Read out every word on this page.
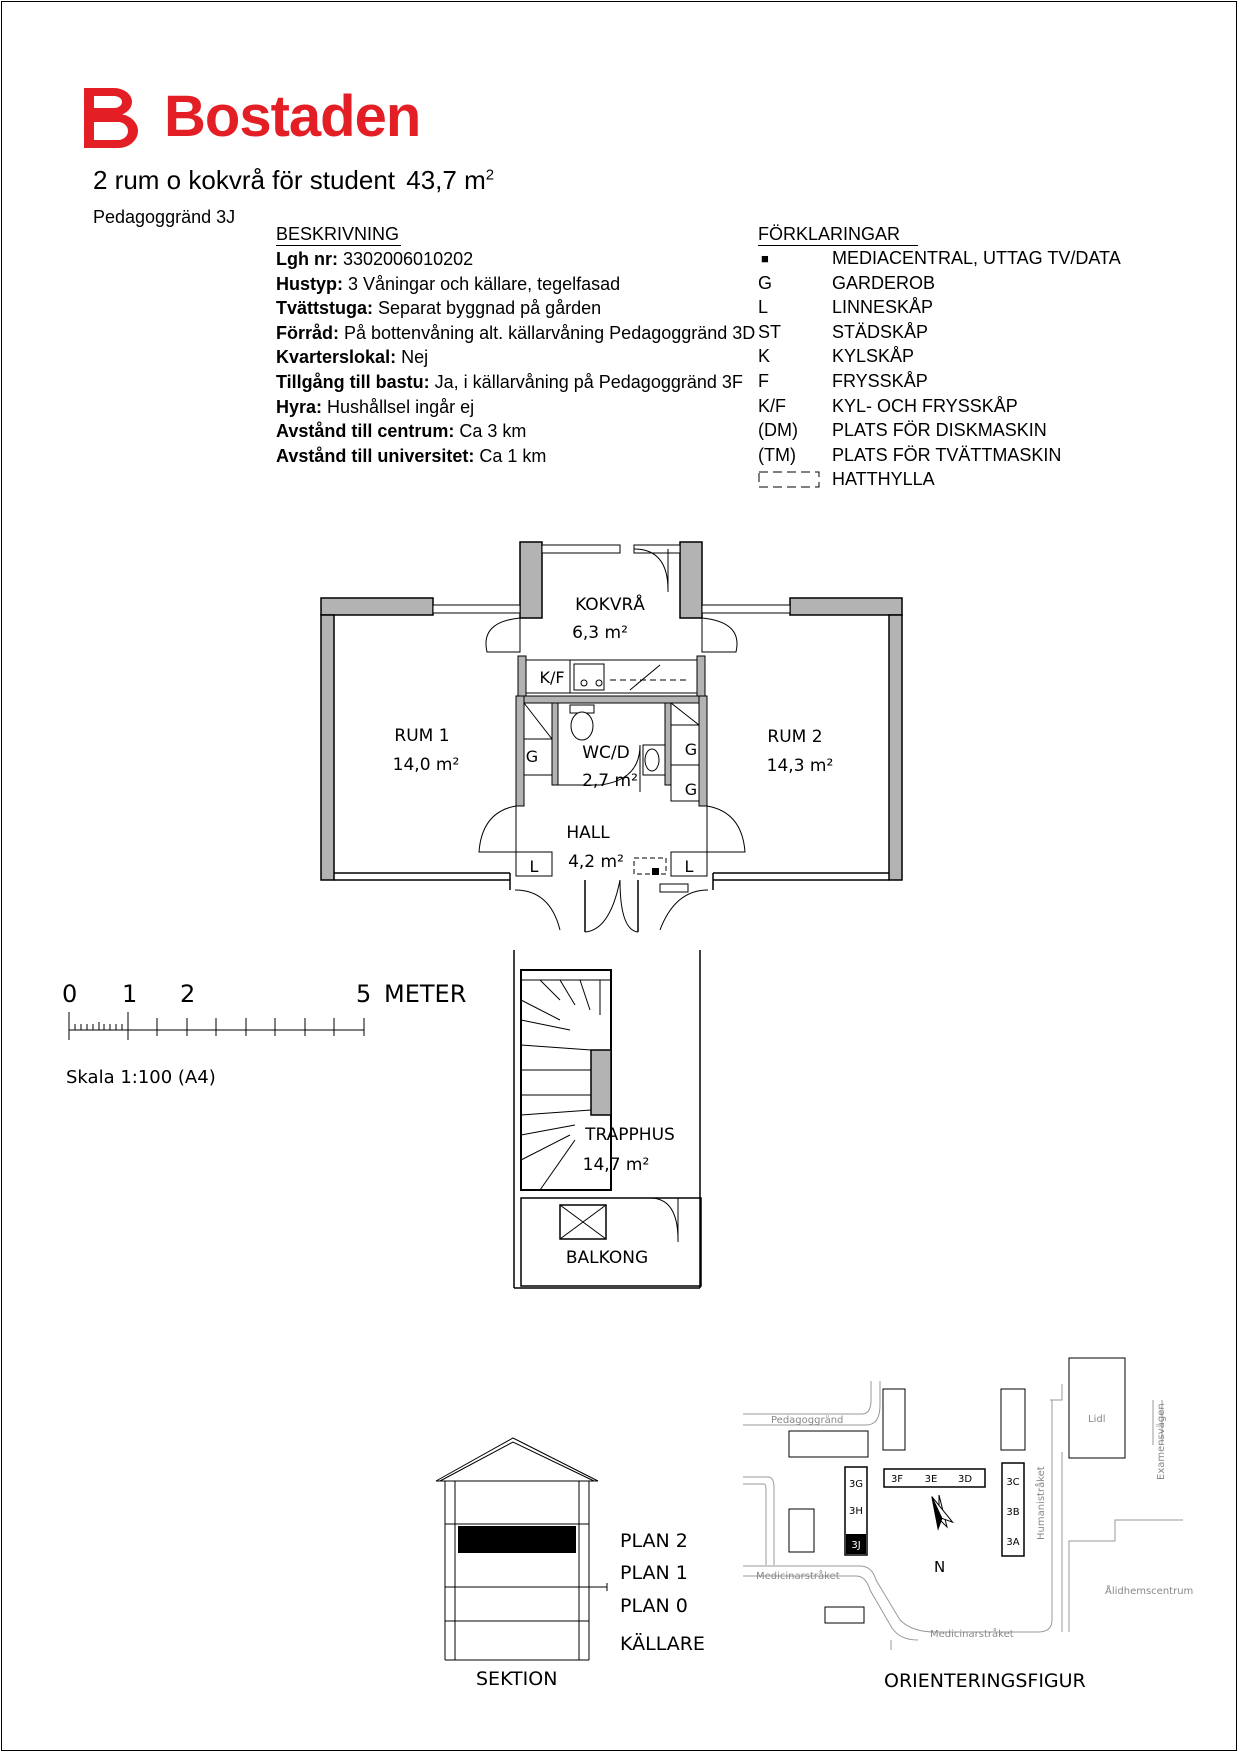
Bostaden
2 rum o kokvrå för student 43,7 $m^2$
Pedagoggränd 3J
BESKRIVNING
Lgh nr: 3302006010202
Hustyp: 3 Våningar och källare, tegelfasad
Tvättstuga: Separat byggnad på gården
Förråd: På bottenvåning alt. källarvåning Pedagoggränd 3D
Kvarterslokal: Nej
Tillgång till bastu: Ja, i källarvåning på Pedagoggränd 3F
Hyra: Hushållsel ingår ej
Avstånd till centrum: Ca 3 km
Avstånd till universitet: Ca 1 km
FÖRKLARINGAR
■	MEDIACENTRAL, UTTAG TV/DATA
G	GARDEROB
L	LINNESKÅP
ST	STÄDSKÅP
K	KYLSKÅP
F	FRYSSKÅP
K/F	KYL- OCH FRYSSKÅP
(DM) PLATS FÖR DISKMASKIN
(TM) PLATS FÖR TVÄTTMASKIN
HATTHYLLA
KOKVRÅ
6,3 m²
RUM 1
14,0 m²
RUM 2
14,3 m²
WC/D
2,7 m²
HALL
4,2 m²
TRAPPHUS
14,7 m²
BALKONG
K/F
G	G
G
L	L
0 1 2	5 METER
Skala 1:100 (A4)
PLAN 2
PLAN 1
PLAN 0
KÄLLARE
SEKTION
3G
3H
3J
3F 3E 3D	3C
3B
3A
Pedagoggränd
Medicinarstråket
Medicinarstråket
Humanistråket
Examensvägen
Lidl
Ålidhemscentrum
N
ORIENTERINGSFIGUR
